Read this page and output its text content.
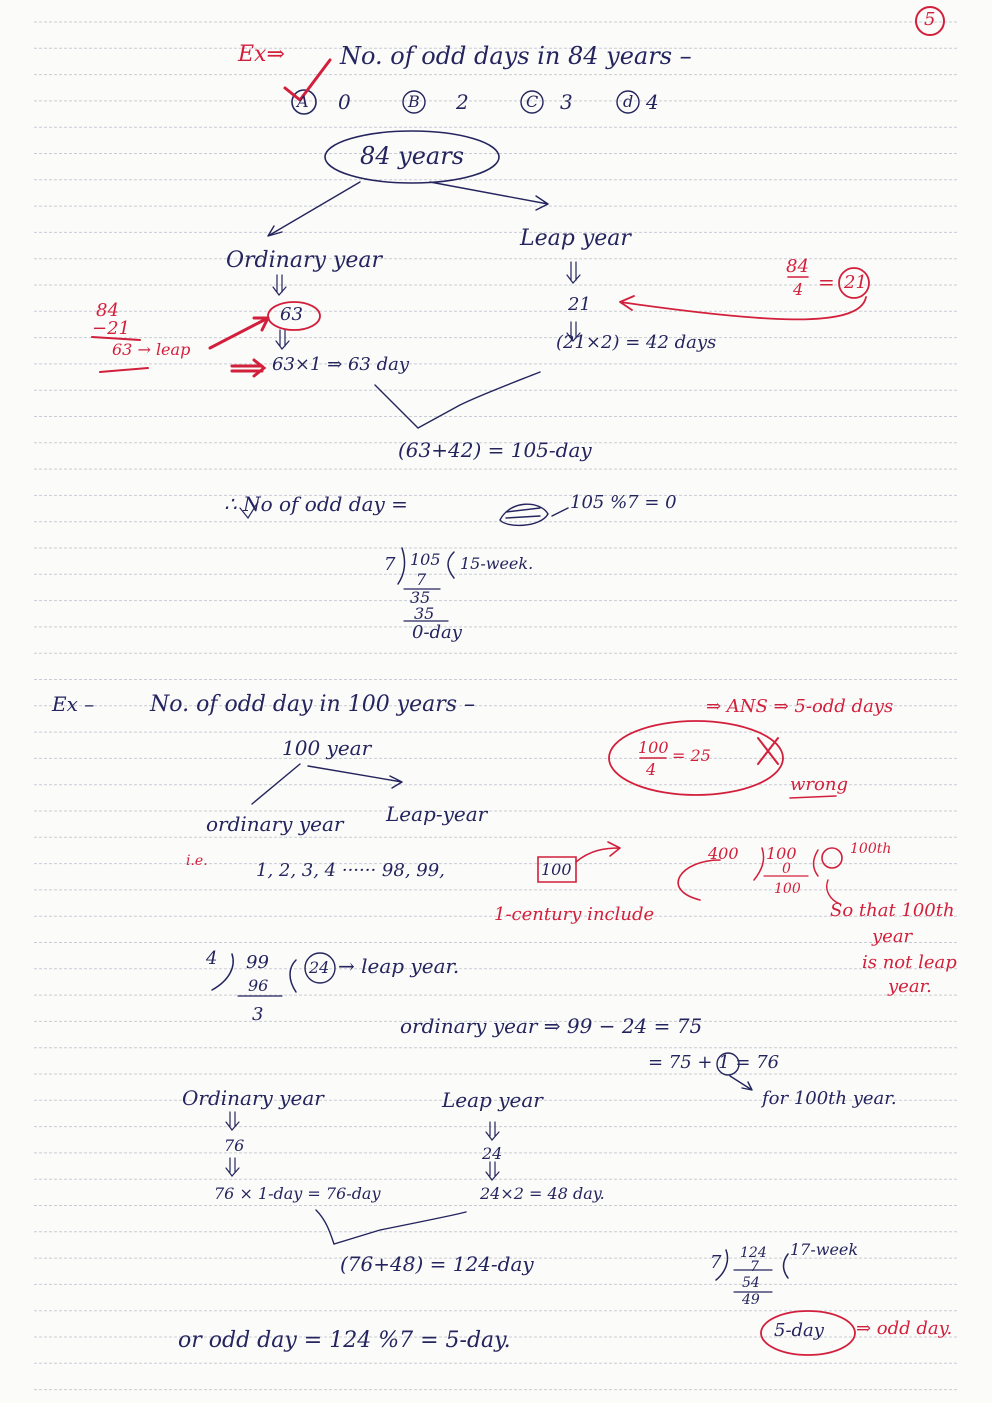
5
Ex⇒ No. of odd days in 84 years –
A 0	B 2	C 3	d 4
84 years
Ordinary year
Leap year
63
63×1 ⇒ 63 day
21
(21×2) = 42 days
84
4 = 21
84
−21
63 → leap
(63+42) = 105-day
∴ No of odd day =	105 %7 = 0
7 105 15-week.
7
35
35
0-day
Ex –	No. of odd day in 100 years –	⇒ ANS ⇒ 5-odd days
100 year	100
4
= 25
wrong
ordinary year Leap-year
i.e.	1, 2, 3, 4 ······ 98, 99,	100
1-century include
400 100
0
100
100th
So that 100th
year
is not leap
year.
4 99	24 → leap year.
96
3	ordinary year ⇒ 99 − 24 = 75
= 75 + 1 = 76
for 100th year.
Ordinary year	Leap year
76	24
76 × 1-day = 76-day	24×2 = 48 day.
(76+48) = 124-day	7 124 17-week
7
54
49
5-day ⇒ odd day.
or odd day = 124 %7 = 5-day.
